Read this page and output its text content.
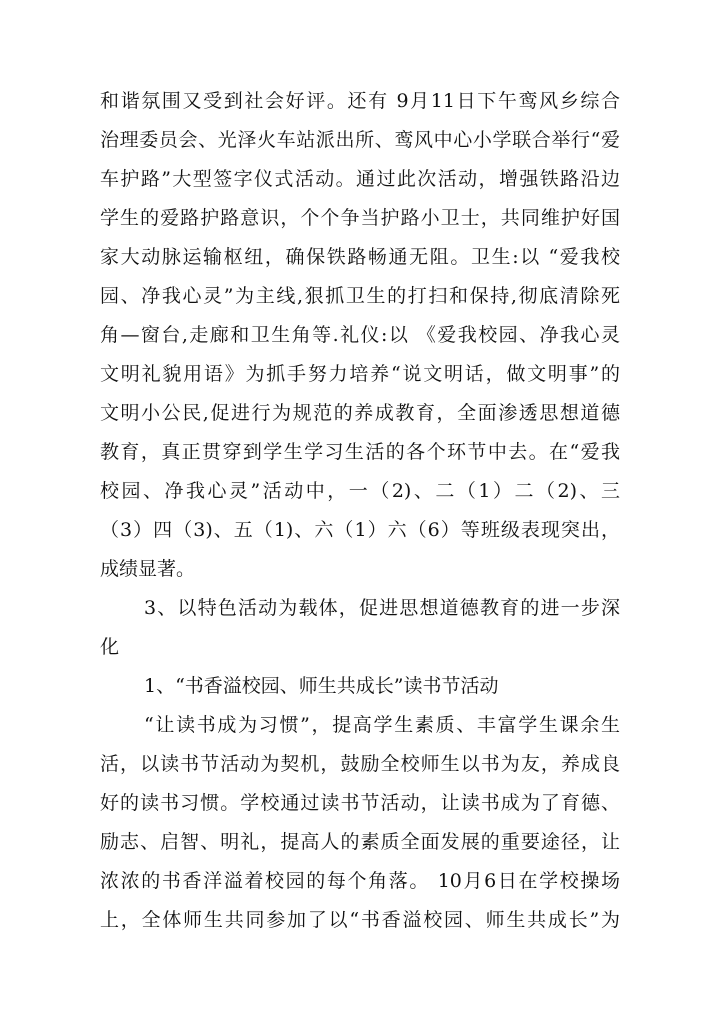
和谐氛围又受到社会好评。还有 9月11日下午鸾风乡综合
治理委员会、光泽火车站派出所、鸾风中心小学联合举行“爱
车护路”大型签字仪式活动。通过此次活动，增强铁路沿边
学生的爱路护路意识，个个争当护路小卫士，共同维护好国
家大动脉运输枢纽，确保铁路畅通无阻。卫生:以 “爱我校
园、净我心灵”为主线,狠抓卫生的打扫和保持,彻底清除死
角—窗台,走廊和卫生角等.礼仪:以 《爱我校园、净我心灵
文明礼貌用语》为抓手努力培养“说文明话，做文明事”的
文明小公民,促进行为规范的养成教育，全面渗透思想道德
教育，真正贯穿到学生学习生活的各个环节中去。在“爱我
校园、净我心灵”活动中，一（2)、二（1）二（2)、三
（3）四（3)、五（1)、六（1）六（6）等班级表现突出，
成绩显著。
3、以特色活动为载体，促进思想道德教育的进一步深
化
1、“书香溢校园、师生共成长”读书节活动
“让读书成为习惯”，提高学生素质、丰富学生课余生
活，以读书节活动为契机，鼓励全校师生以书为友，养成良
好的读书习惯。学校通过读书节活动，让读书成为了育德、
励志、启智、明礼，提高人的素质全面发展的重要途径，让
浓浓的书香洋溢着校园的每个角落。 10月6日在学校操场
上，全体师生共同参加了以“书香溢校园、师生共成长”为
